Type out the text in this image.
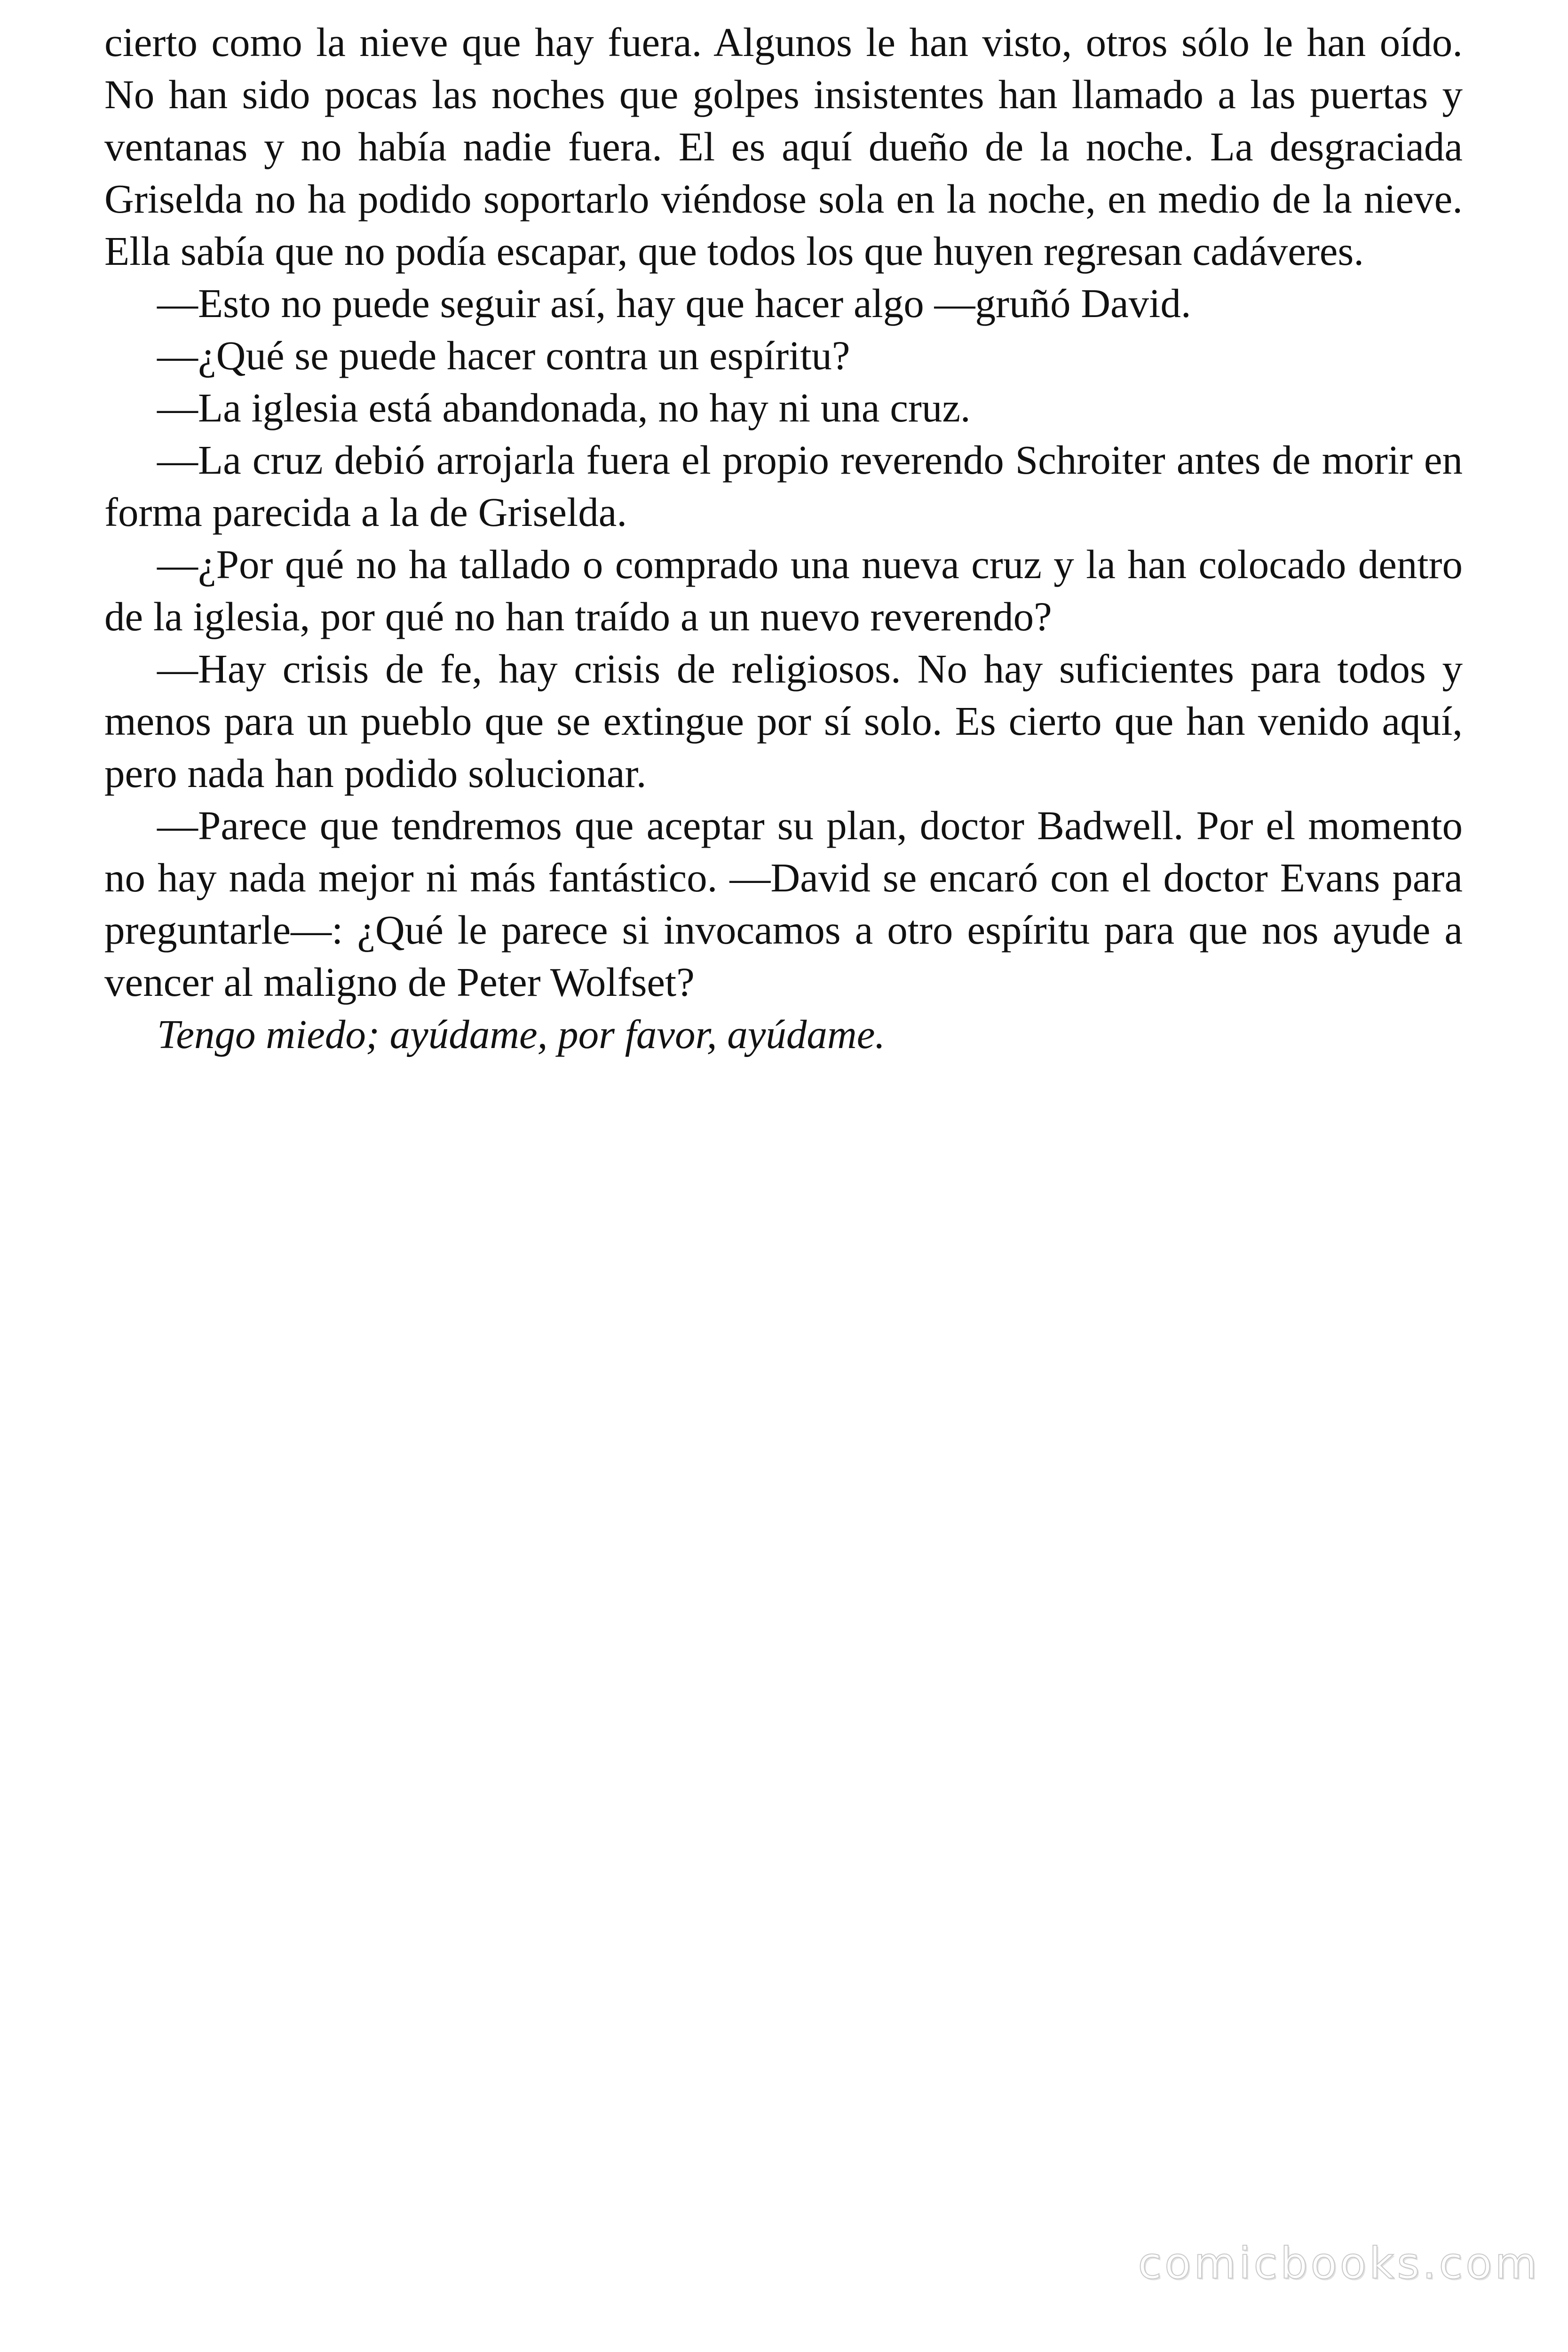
cierto como la nieve que hay fuera. Algunos le han visto, otros sólo le han oído. No han sido pocas las noches que golpes insistentes han llamado a las puertas y ventanas y no había nadie fuera. El es aquí dueño de la noche. La desgraciada Griselda no ha podido soportarlo viéndose sola en la noche, en medio de la nieve. Ella sabía que no podía escapar, que todos los que huyen regresan cadáveres.

—Esto no puede seguir así, hay que hacer algo —gruñó David.

—¿Qué se puede hacer contra un espíritu?

—La iglesia está abandonada, no hay ni una cruz.

—La cruz debió arrojarla fuera el propio reverendo Schroiter antes de morir en forma parecida a la de Griselda.

—¿Por qué no ha tallado o comprado una nueva cruz y la han colocado dentro de la iglesia, por qué no han traído a un nuevo reverendo?

—Hay crisis de fe, hay crisis de religiosos. No hay suficientes para todos y menos para un pueblo que se extingue por sí solo. Es cierto que han venido aquí, pero nada han podido solucionar.

—Parece que tendremos que aceptar su plan, doctor Badwell. Por el momento no hay nada mejor ni más fantástico. —David se encaró con el doctor Evans para preguntarle—: ¿Qué le parece si invocamos a otro espíritu para que nos ayude a vencer al maligno de Peter Wolfset?

Tengo miedo; ayúdame, por favor, ayúdame.

comicbooks.com
